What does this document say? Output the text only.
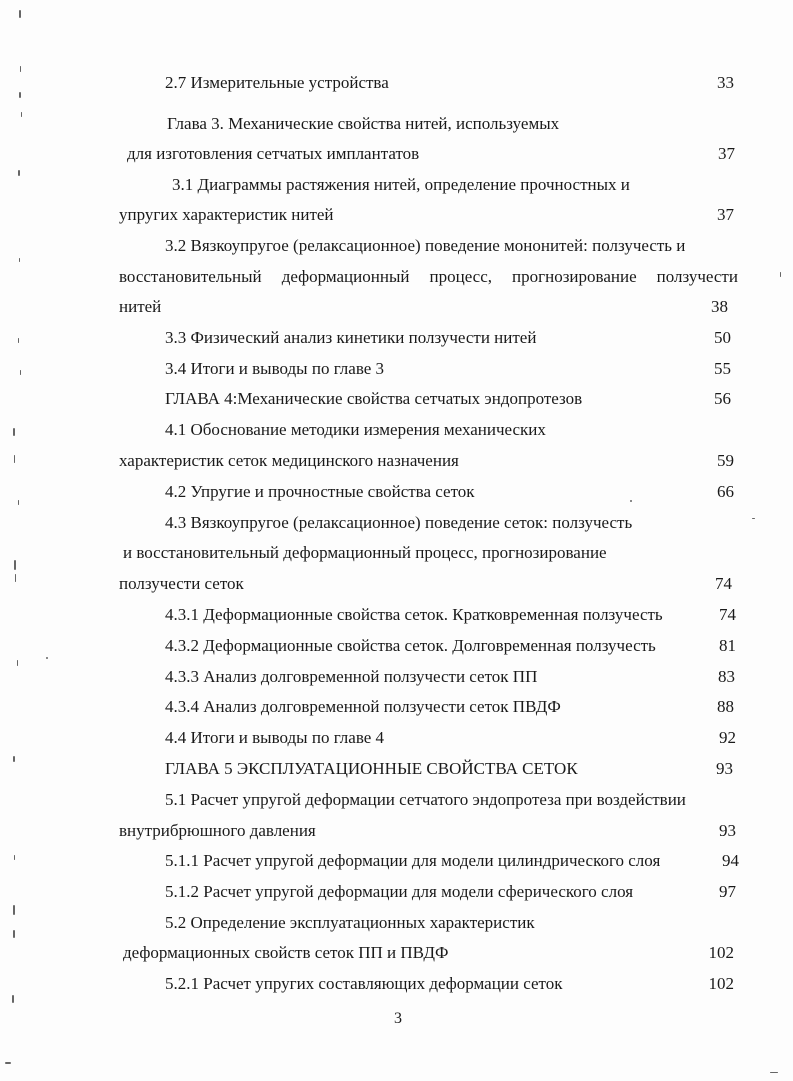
2.7 Измерительные устройства	33
Глава 3. Механические свойства нитей, используемых
для изготовления сетчатых имплантатов	37
3.1 Диаграммы растяжения нитей, определение прочностных и
упругих характеристик нитей	37
3.2 Вязкоупругое (релаксационное) поведение мононитей: ползучесть и
восстановительный деформационный процесс, прогнозирование ползучести
нитей	38
3.3 Физический анализ кинетики ползучести нитей	50
3.4 Итоги и выводы по главе 3	55
ГЛАВА 4:Механические свойства сетчатых эндопротезов	56
4.1 Обоснование методики измерения механических
характеристик сеток медицинского назначения	59
4.2 Упругие и прочностные свойства сеток	66
4.3 Вязкоупругое (релаксационное) поведение сеток: ползучесть
и восстановительный деформационный процесс, прогнозирование
ползучести сеток	74
4.3.1 Деформационные свойства сеток. Кратковременная ползучесть	74
4.3.2 Деформационные свойства сеток. Долговременная ползучесть	81
4.3.3 Анализ долговременной ползучести сеток ПП	83
4.3.4 Анализ долговременной ползучести сеток ПВДФ	88
4.4 Итоги и выводы по главе 4	92
ГЛАВА 5 ЭКСПЛУАТАЦИОННЫЕ СВОЙСТВА СЕТОК	93
5.1 Расчет упругой деформации сетчатого эндопротеза при воздействии
внутрибрюшного давления	93
5.1.1 Расчет упругой деформации для модели цилиндрического слоя	94
5.1.2 Расчет упругой деформации для модели сферического слоя	97
5.2 Определение эксплуатационных характеристик
деформационных свойств сеток ПП и ПВДФ	102
5.2.1 Расчет упругих составляющих деформации сеток	102
3
